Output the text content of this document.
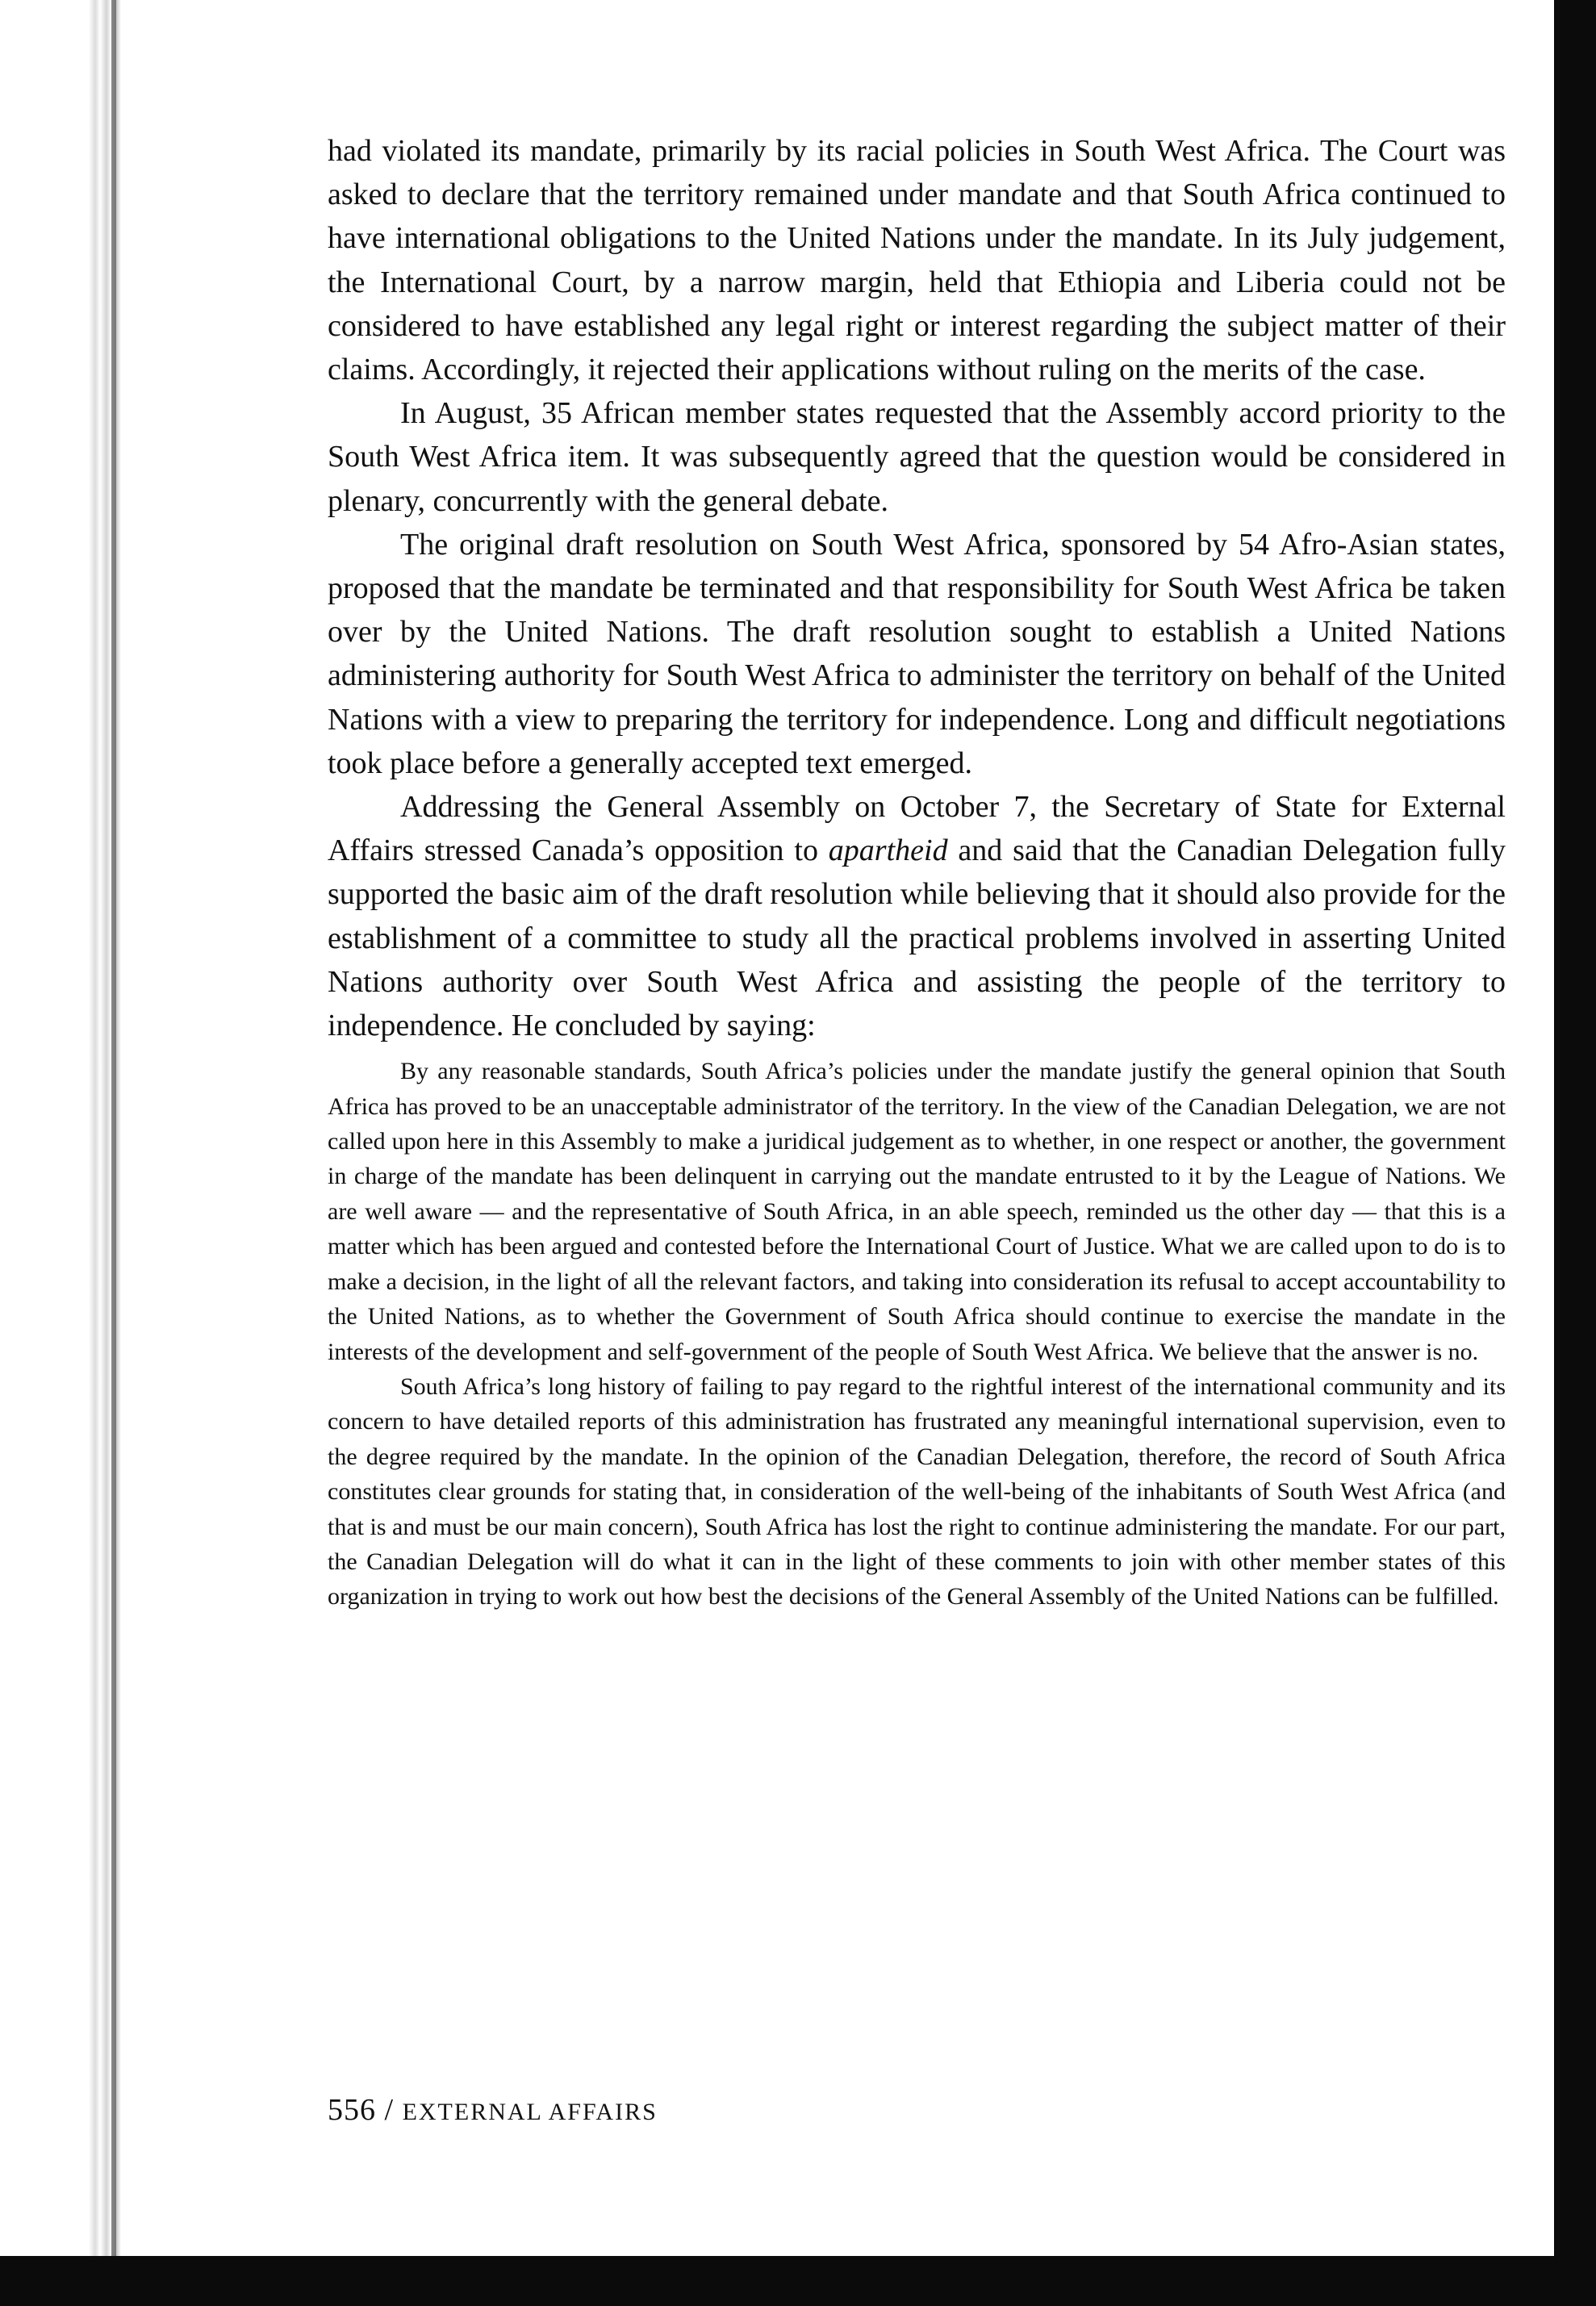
had violated its mandate, primarily by its racial policies in South West Africa. The Court was asked to declare that the territory remained under mandate and that South Africa continued to have international obligations to the United Nations under the mandate. In its July judgement, the International Court, by a narrow margin, held that Ethiopia and Liberia could not be considered to have established any legal right or interest regarding the subject matter of their claims. Accordingly, it rejected their applications without ruling on the merits of the case.

In August, 35 African member states requested that the Assembly accord priority to the South West Africa item. It was subsequently agreed that the question would be considered in plenary, concurrently with the general debate.

The original draft resolution on South West Africa, sponsored by 54 Afro-Asian states, proposed that the mandate be terminated and that responsibility for South West Africa be taken over by the United Nations. The draft resolution sought to establish a United Nations administering authority for South West Africa to administer the territory on behalf of the United Nations with a view to preparing the territory for independence. Long and difficult negotiations took place before a generally accepted text emerged.

Addressing the General Assembly on October 7, the Secretary of State for External Affairs stressed Canada’s opposition to apartheid and said that the Canadian Delegation fully supported the basic aim of the draft resolution while believing that it should also provide for the establishment of a committee to study all the practical problems involved in asserting United Nations authority over South West Africa and assisting the people of the territory to independence. He concluded by saying:

By any reasonable standards, South Africa’s policies under the mandate justify the general opinion that South Africa has proved to be an unacceptable administrator of the territory. In the view of the Canadian Delegation, we are not called upon here in this Assembly to make a juridical judgement as to whether, in one respect or another, the government in charge of the mandate has been delinquent in carrying out the mandate entrusted to it by the League of Nations. We are well aware — and the representative of South Africa, in an able speech, reminded us the other day — that this is a matter which has been argued and contested before the International Court of Justice. What we are called upon to do is to make a decision, in the light of all the relevant factors, and taking into consideration its refusal to accept accountability to the United Nations, as to whether the Government of South Africa should continue to exercise the mandate in the interests of the development and self-government of the people of South West Africa. We believe that the answer is no.

South Africa’s long history of failing to pay regard to the rightful interest of the international community and its concern to have detailed reports of this administration has frustrated any meaningful international supervision, even to the degree required by the mandate. In the opinion of the Canadian Delegation, therefore, the record of South Africa constitutes clear grounds for stating that, in consideration of the well-being of the inhabitants of South West Africa (and that is and must be our main concern), South Africa has lost the right to continue administering the mandate. For our part, the Canadian Delegation will do what it can in the light of these comments to join with other member states of this organization in trying to work out how best the decisions of the General Assembly of the United Nations can be fulfilled.

556 / EXTERNAL AFFAIRS
